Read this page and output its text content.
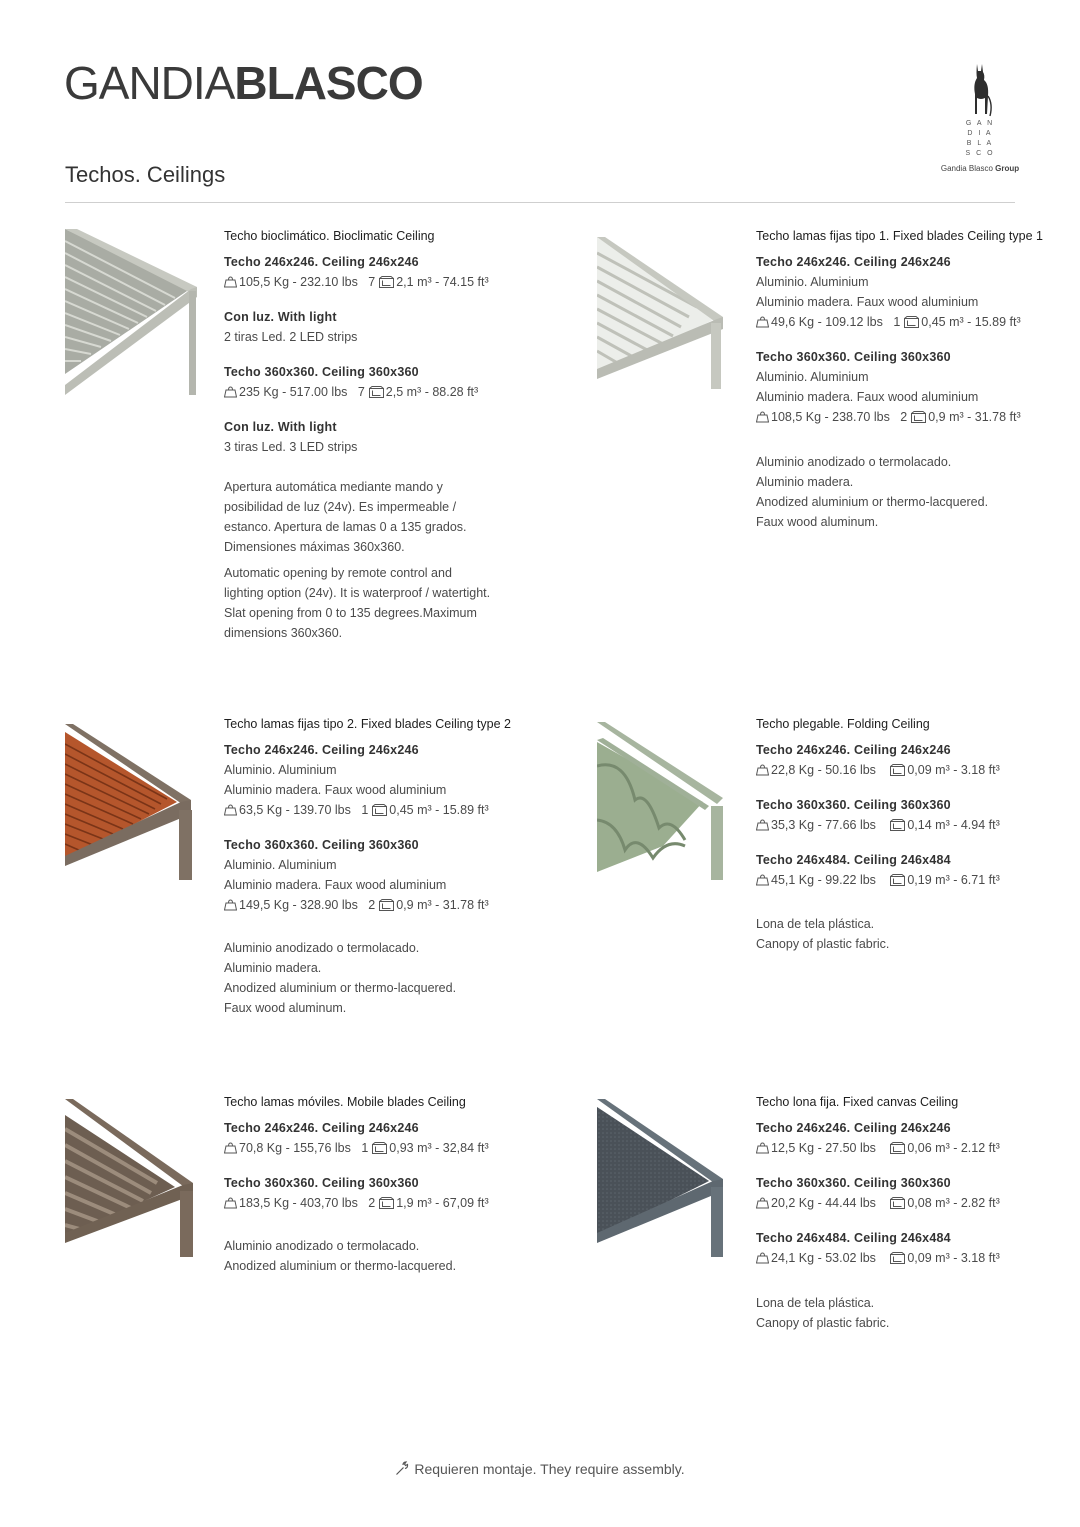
GANDIABLASCO
G A N
D I A
B L A
S C O
Gandia Blasco Group
Techos. Ceilings
Techo bioclimático. Bioclimatic Ceiling
Techo 246x246. Ceiling 246x246
105,5 Kg - 232.10 lbs 7 2,1 m³ - 74.15 ft³
Con luz. With light
2 tiras Led. 2 LED strips
Techo 360x360. Ceiling 360x360
235 Kg - 517.00 lbs 7 2,5 m³ - 88.28 ft³
Con luz. With light
3 tiras Led. 3 LED strips
Apertura automática mediante mando y
posibilidad de luz (24v). Es impermeable /
estanco. Apertura de lamas 0 a 135 grados.
Dimensiones máximas 360x360.
Automatic opening by remote control and
lighting option (24v). It is waterproof / watertight.
Slat opening from 0 to 135 degrees.Maximum
dimensions 360x360.
Techo lamas fijas tipo 1. Fixed blades Ceiling type 1
Techo 246x246. Ceiling 246x246
Aluminio. Aluminium
Aluminio madera. Faux wood aluminium
49,6 Kg - 109.12 lbs 1 0,45 m³ - 15.89 ft³
Techo 360x360. Ceiling 360x360
Aluminio. Aluminium
Aluminio madera. Faux wood aluminium
108,5 Kg - 238.70 lbs 2 0,9 m³ - 31.78 ft³
Aluminio anodizado o termolacado.
Aluminio madera.
Anodized aluminium or thermo-lacquered.
Faux wood aluminum.
Techo lamas fijas tipo 2. Fixed blades Ceiling type 2
Techo 246x246. Ceiling 246x246
Aluminio. Aluminium
Aluminio madera. Faux wood aluminium
63,5 Kg - 139.70 lbs 1 0,45 m³ - 15.89 ft³
Techo 360x360. Ceiling 360x360
Aluminio. Aluminium
Aluminio madera. Faux wood aluminium
149,5 Kg - 328.90 lbs 2 0,9 m³ - 31.78 ft³
Aluminio anodizado o termolacado.
Aluminio madera.
Anodized aluminium or thermo-lacquered.
Faux wood aluminum.
Techo plegable. Folding Ceiling
Techo 246x246. Ceiling 246x246
22,8 Kg - 50.16 lbs	0,09 m³ - 3.18 ft³
Techo 360x360. Ceiling 360x360
35,3 Kg - 77.66 lbs	0,14 m³ - 4.94 ft³
Techo 246x484. Ceiling 246x484
45,1 Kg - 99.22 lbs	0,19 m³ - 6.71 ft³
Lona de tela plástica.
Canopy of plastic fabric.
Techo lamas móviles. Mobile blades Ceiling
Techo 246x246. Ceiling 246x246
70,8 Kg - 155,76 lbs 1 0,93 m³ - 32,84 ft³
Techo 360x360. Ceiling 360x360
183,5 Kg - 403,70 lbs 2 1,9 m³ - 67,09 ft³
Aluminio anodizado o termolacado.
Anodized aluminium or thermo-lacquered.
Techo lona fija. Fixed canvas Ceiling
Techo 246x246. Ceiling 246x246
12,5 Kg - 27.50 lbs	0,06 m³ - 2.12 ft³
Techo 360x360. Ceiling 360x360
20,2 Kg - 44.44 lbs	0,08 m³ - 2.82 ft³
Techo 246x484. Ceiling 246x484
24,1 Kg - 53.02 lbs	0,09 m³ - 3.18 ft³
Lona de tela plástica.
Canopy of plastic fabric.
Requieren montaje. They require assembly.
